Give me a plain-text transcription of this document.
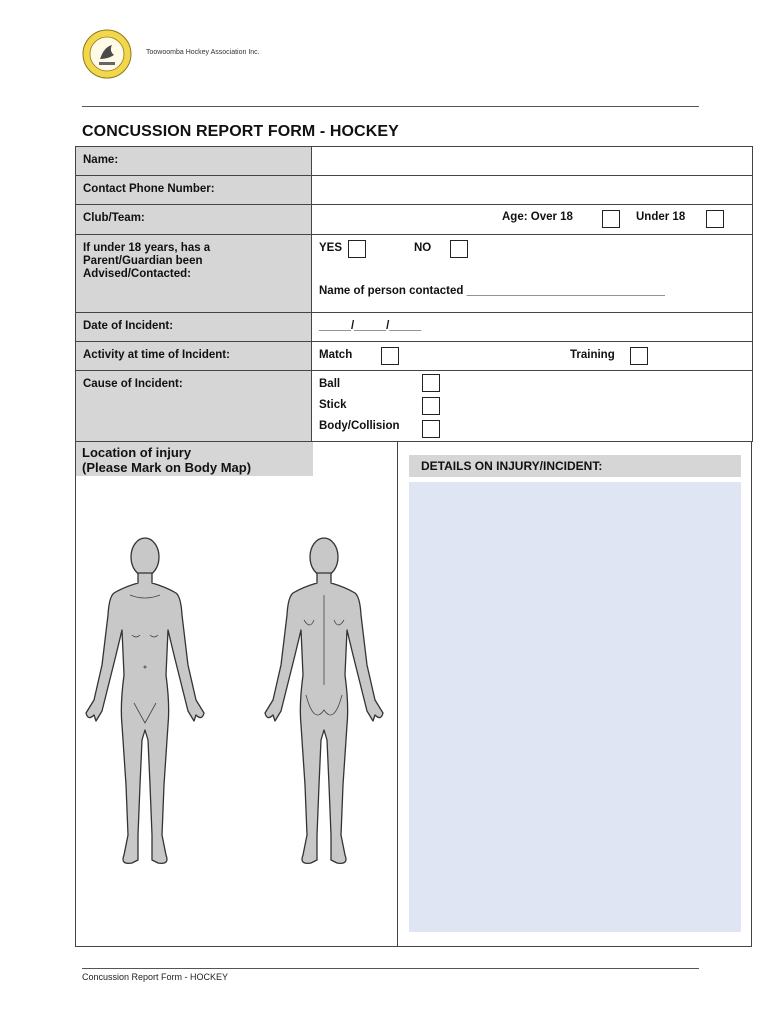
Toowoomba Hockey Association Inc.
CONCUSSION REPORT FORM - HOCKEY
Name:	
Contact Phone Number:	
Club/Team:	Age: Over 18 Under 18

If under 18 years, has a Parent/Guardian been Advised/Contacted:	YES NO
Name of person contacted _______________________________

Date of Incident:	_____/_____/_____

Activity at time of Incident:	Match Training

Cause of Incident:	Ball
Stick
Body/Collision
Location of injury
(Please Mark on Body Map)	DETAILS ON INJURY/INCIDENT:
Concussion Report Form - HOCKEY
